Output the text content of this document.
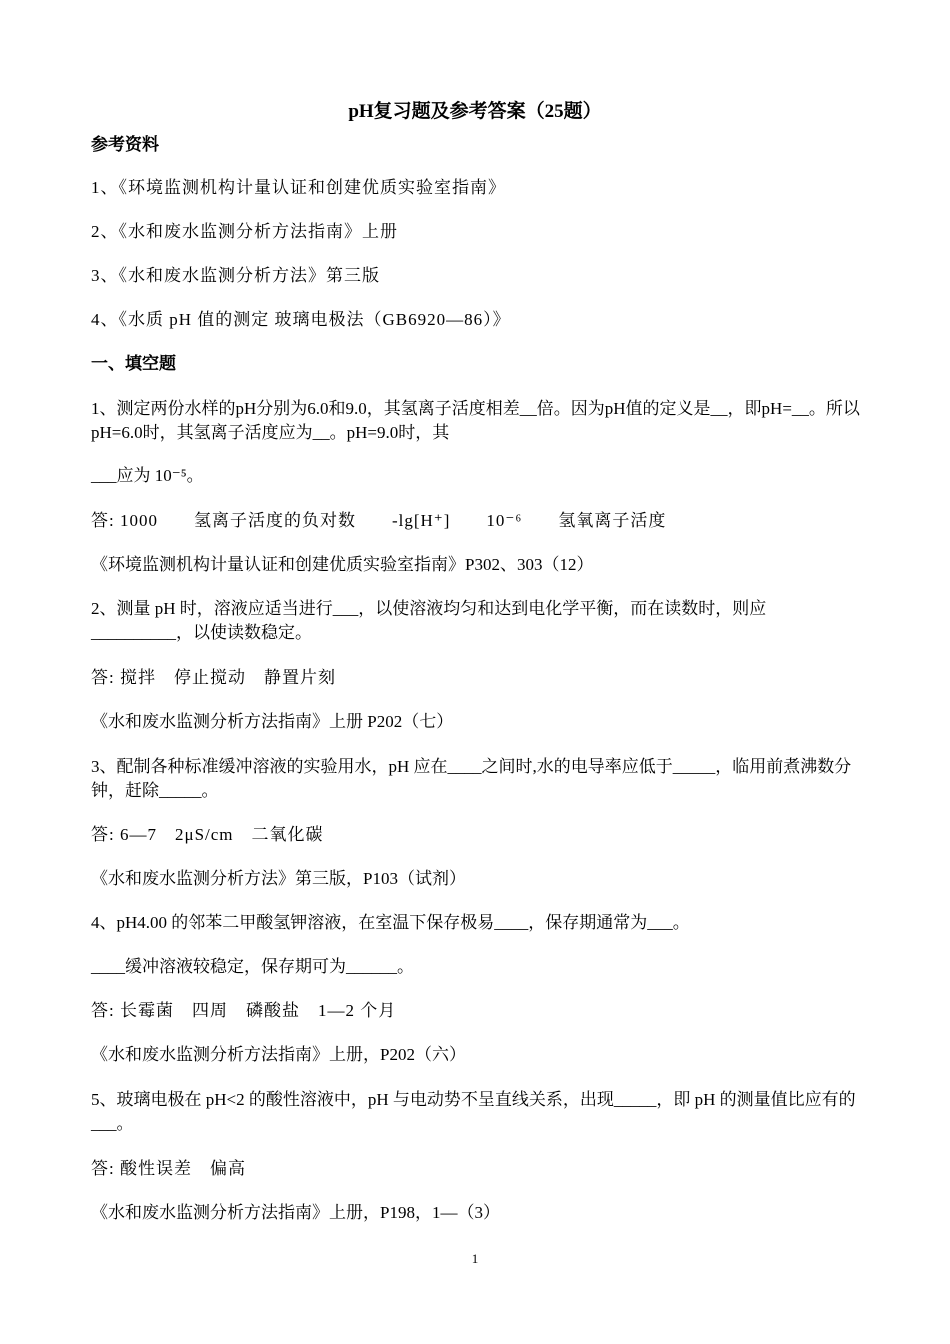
pH复习题及参考答案（25题）
参考资料
1、《环境监测机构计量认证和创建优质实验室指南》
2、《水和废水监测分析方法指南》上册
3、《水和废水监测分析方法》第三版
4、《水质 pH 值的测定 玻璃电极法（GB6920—86）》
一、填空题
1、测定两份水样的pH分别为6.0和9.0，其氢离子活度相差__倍。因为pH值的定义是__，即pH=__。所以pH=6.0时，其氢离子活度应为__。pH=9.0时，其
___应为 10⁻⁵。
答: 1000　　氢离子活度的负对数　　-lg[H⁺]　　10⁻⁶　　氢氧离子活度
《环境监测机构计量认证和创建优质实验室指南》P302、303（12）
2、测量 pH 时，溶液应适当进行___，以使溶液均匀和达到电化学平衡，而在读数时，则应__________，以使读数稳定。
答: 搅拌　停止搅动　静置片刻
《水和废水监测分析方法指南》上册 P202（七）
3、配制各种标准缓冲溶液的实验用水，pH 应在____之间时,水的电导率应低于_____，临用前煮沸数分钟，赶除_____。
答: 6—7　2μS/cm　二氧化碳
《水和废水监测分析方法》第三版，P103（试剂）
4、pH4.00 的邻苯二甲酸氢钾溶液，在室温下保存极易____，保存期通常为___。
____缓冲溶液较稳定，保存期可为______。
答: 长霉菌　四周　磷酸盐　1—2 个月
《水和废水监测分析方法指南》上册，P202（六）
5、玻璃电极在 pH<2 的酸性溶液中，pH 与电动势不呈直线关系，出现_____，即 pH 的测量值比应有的___。
答: 酸性误差　偏高
《水和废水监测分析方法指南》上册，P198，1—（3）
1
